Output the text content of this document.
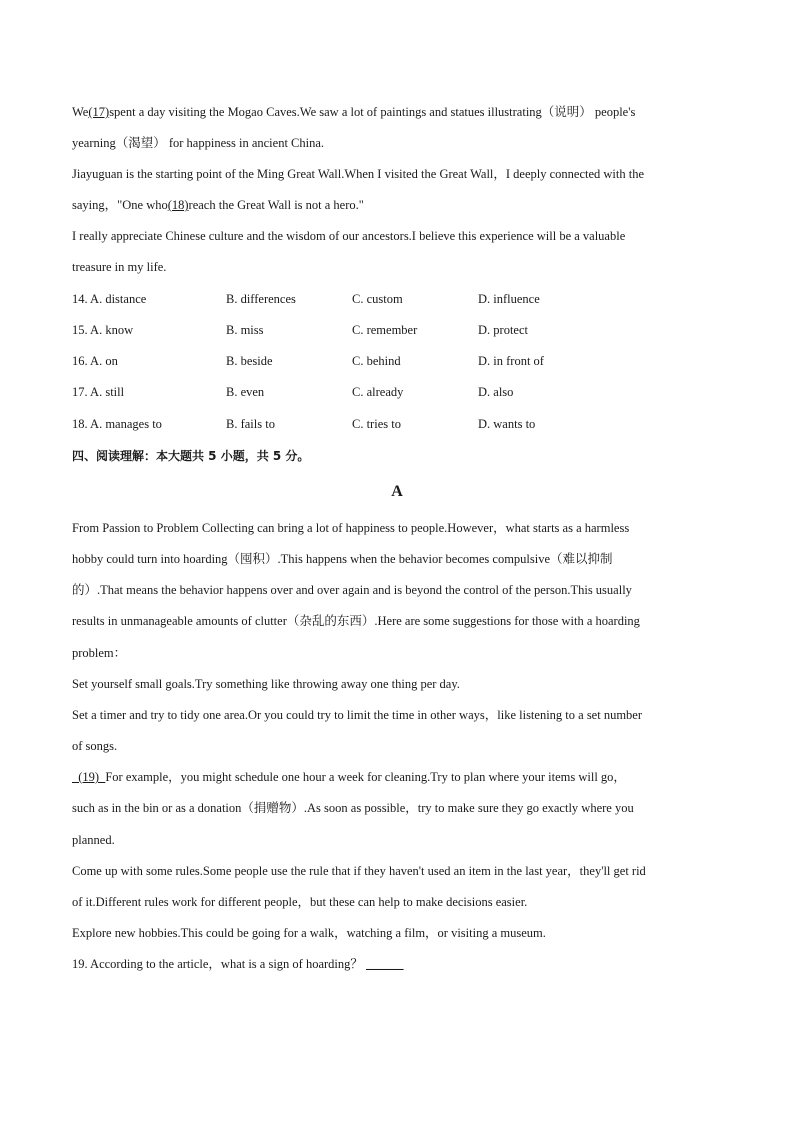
We(17)spent a day visiting the Mogao Caves.We saw a lot of paintings and statues illustrating（说明） people's
yearning（渴望） for happiness in ancient China.
Jiayuguan is the starting point of the Ming Great Wall.When I visited the Great Wall，I deeply connected with the
saying，"One who(18)reach the Great Wall is not a hero."
I really appreciate Chinese culture and the wisdom of our ancestors.I believe this experience will be a valuable
treasure in my life.
14. A. distance	B. differences	C. custom	D. influence
15. A. know	B. miss	C. remember	D. protect
16. A. on	B. beside	C. behind	D. in front of
17. A. still	B. even	C. already	D. also
18. A. manages to	B. fails to	C. tries to	D. wants to
四、阅读理解：本大题共 5 小题，共 5 分。
A
From Passion to Problem Collecting can bring a lot of happiness to people.However，what starts as a harmless
hobby could turn into hoarding（囤积）.This happens when the behavior becomes compulsive（难以抑制
的）.That means the behavior happens over and over again and is beyond the control of the person.This usually
results in unmanageable amounts of clutter（杂乱的东西）.Here are some suggestions for those with a hoarding
problem：
Set yourself small goals.Try something like throwing away one thing per day.
Set a timer and try to tidy one area.Or you could try to limit the time in other ways，like listening to a set number
of songs.
(19)  For example，you might schedule one hour a week for cleaning.Try to plan where your items will go，
such as in the bin or as a donation（捐赠物）.As soon as possible，try to make sure they go exactly where you
planned.
Come up with some rules.Some people use the rule that if they haven't used an item in the last year，they'll get rid
of it.Different rules work for different people，but these can help to make decisions easier.
Explore new hobbies.This could be going for a walk，watching a film，or visiting a museum.
19. According to the article，what is a sign of hoarding？ ______
